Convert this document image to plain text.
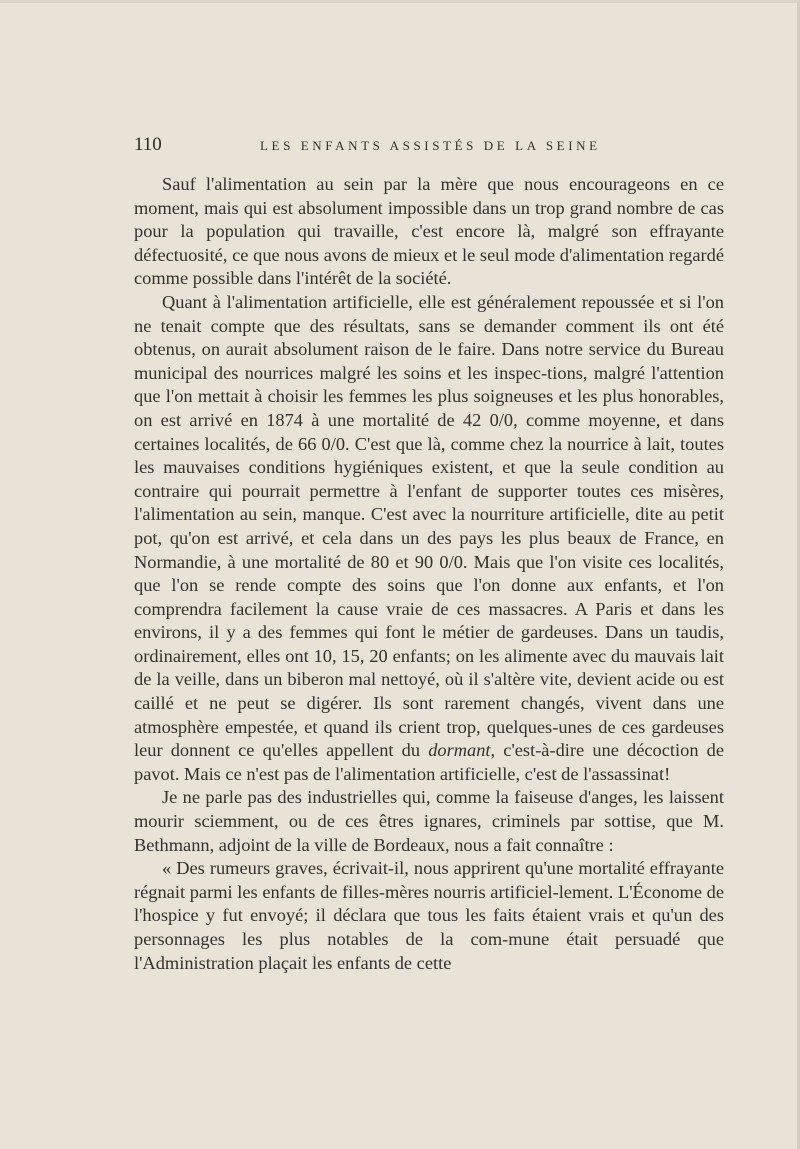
110	LES ENFANTS ASSISTÉS DE LA SEINE

Sauf l'alimentation au sein par la mère que nous encourageons en ce moment, mais qui est absolument impossible dans un trop grand nombre de cas pour la population qui travaille, c'est encore là, malgré son effrayante défectuosité, ce que nous avons de mieux et le seul mode d'alimentation regardé comme possible dans l'intérêt de la société.

Quant à l'alimentation artificielle, elle est généralement repoussée et si l'on ne tenait compte que des résultats, sans se demander comment ils ont été obtenus, on aurait absolument raison de le faire. Dans notre service du Bureau municipal des nourrices malgré les soins et les inspec-tions, malgré l'attention que l'on mettait à choisir les femmes les plus soigneuses et les plus honorables, on est arrivé en 1874 à une mortalité de 42 0/0, comme moyenne, et dans certaines localités, de 66 0/0. C'est que là, comme chez la nourrice à lait, toutes les mauvaises conditions hygiéniques existent, et que la seule condition au contraire qui pourrait permettre à l'enfant de supporter toutes ces misères, l'alimentation au sein, manque. C'est avec la nourriture artificielle, dite au petit pot, qu'on est arrivé, et cela dans un des pays les plus beaux de France, en Normandie, à une mortalité de 80 et 90 0/0. Mais que l'on visite ces localités, que l'on se rende compte des soins que l'on donne aux enfants, et l'on comprendra facilement la cause vraie de ces massacres. A Paris et dans les environs, il y a des femmes qui font le métier de gardeuses. Dans un taudis, ordinairement, elles ont 10, 15, 20 enfants; on les alimente avec du mauvais lait de la veille, dans un biberon mal nettoyé, où il s'altère vite, devient acide ou est caillé et ne peut se digérer. Ils sont rarement changés, vivent dans une atmosphère empestée, et quand ils crient trop, quelques-unes de ces gardeuses leur donnent ce qu'elles appellent du dormant, c'est-à-dire une décoction de pavot. Mais ce n'est pas de l'alimentation artificielle, c'est de l'assassinat!

Je ne parle pas des industrielles qui, comme la faiseuse d'anges, les laissent mourir sciemment, ou de ces êtres ignares, criminels par sottise, que M. Bethmann, adjoint de la ville de Bordeaux, nous a fait connaître :

« Des rumeurs graves, écrivait-il, nous apprirent qu'une mortalité effrayante régnait parmi les enfants de filles-mères nourris artificiel-lement. L'Économe de l'hospice y fut envoyé; il déclara que tous les faits étaient vrais et qu'un des personnages les plus notables de la com-mune était persuadé que l'Administration plaçait les enfants de cette
